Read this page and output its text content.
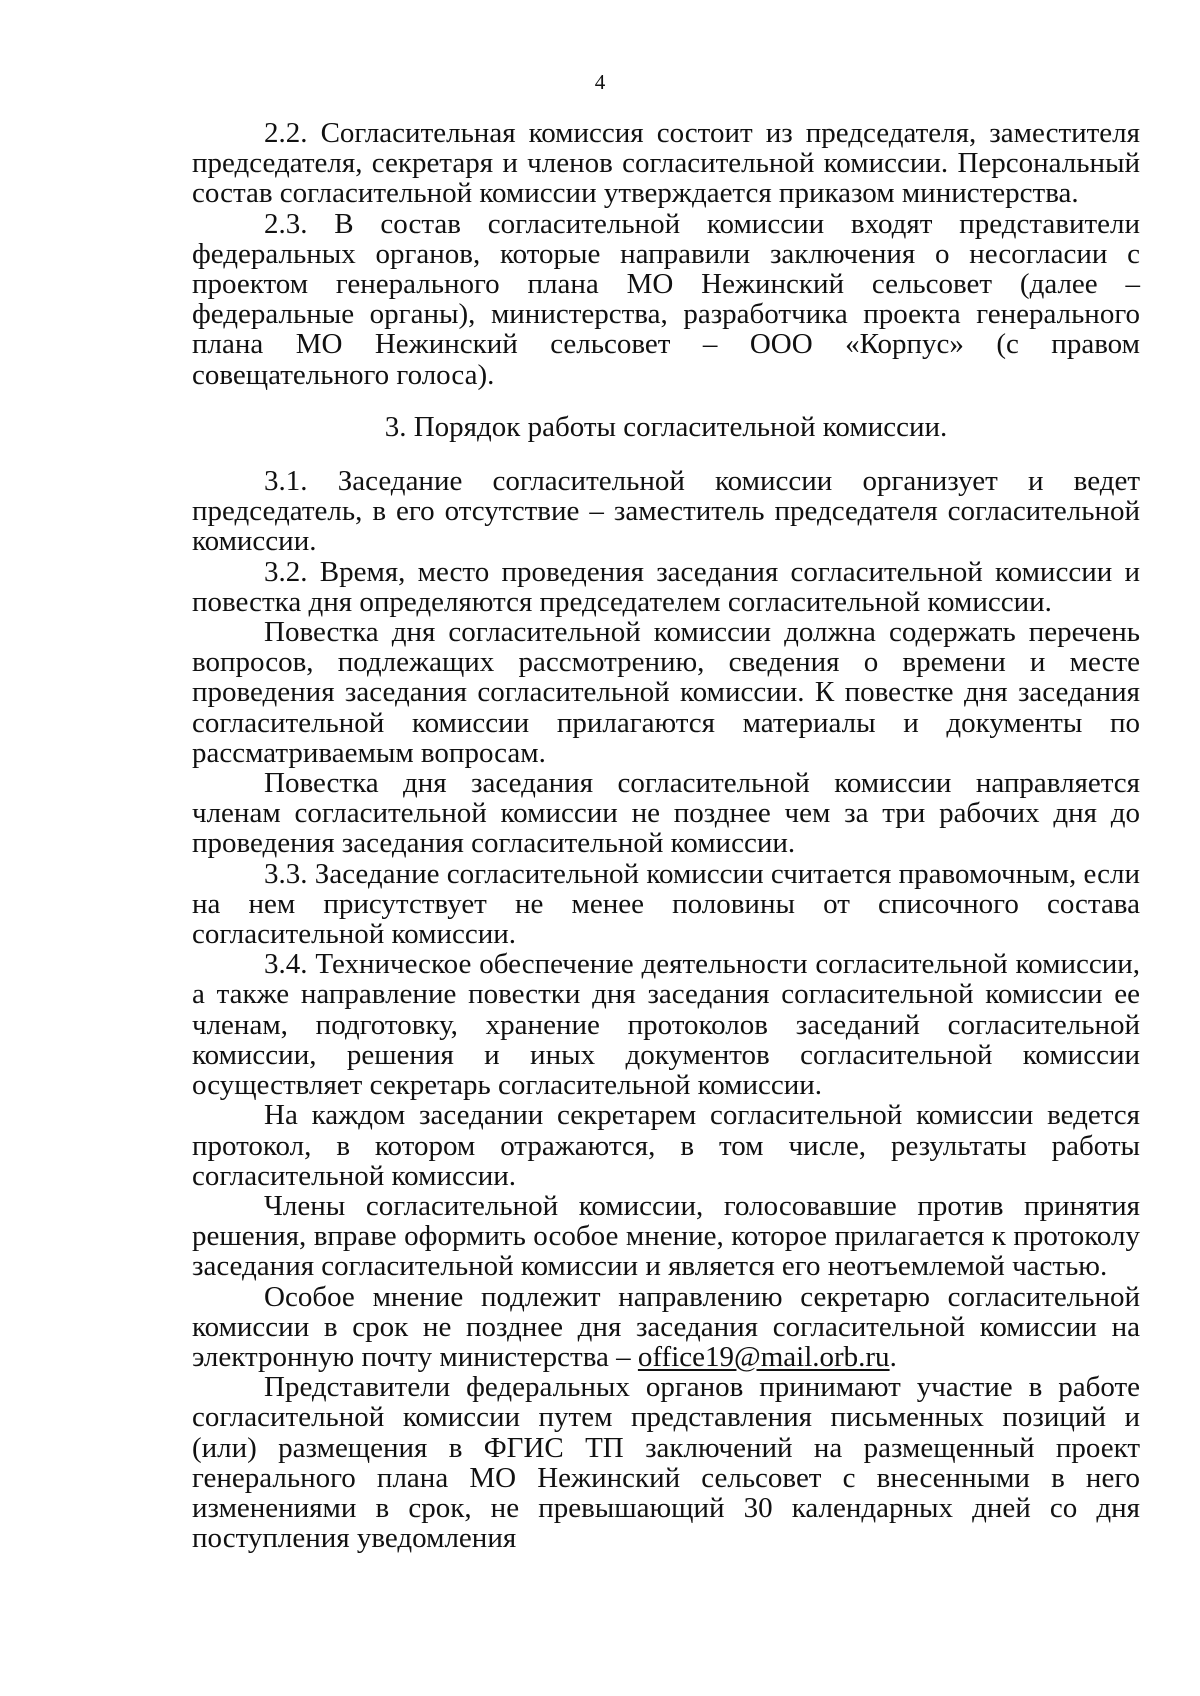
4

2.2. Согласительная комиссия состоит из председателя, заместителя председателя, секретаря и членов согласительной комиссии. Персональный состав согласительной комиссии утверждается приказом министерства.

2.3. В состав согласительной комиссии входят представители федеральных органов, которые направили заключения о несогласии с проектом генерального плана МО Нежинский сельсовет (далее – федеральные органы), министерства, разработчика проекта генерального плана МО Нежинский сельсовет – ООО «Корпус» (с правом совещательного голоса).

3. Порядок работы согласительной комиссии.

3.1. Заседание согласительной комиссии организует и ведет председатель, в его отсутствие – заместитель председателя согласительной комиссии.

3.2. Время, место проведения заседания согласительной комиссии и повестка дня определяются председателем согласительной комиссии.

Повестка дня согласительной комиссии должна содержать перечень вопросов, подлежащих рассмотрению, сведения о времени и месте проведения заседания согласительной комиссии. К повестке дня заседания согласительной комиссии прилагаются материалы и документы по рассматриваемым вопросам.

Повестка дня заседания согласительной комиссии направляется членам согласительной комиссии не позднее чем за три рабочих дня до проведения заседания согласительной комиссии.

3.3. Заседание согласительной комиссии считается правомочным, если на нем присутствует не менее половины от списочного состава согласительной комиссии.

3.4. Техническое обеспечение деятельности согласительной комиссии, а также направление повестки дня заседания согласительной комиссии ее членам, подготовку, хранение протоколов заседаний согласительной комиссии, решения и иных документов согласительной комиссии осуществляет секретарь согласительной комиссии.

На каждом заседании секретарем согласительной комиссии ведется протокол, в котором отражаются, в том числе, результаты работы согласительной комиссии.

Члены согласительной комиссии, голосовавшие против принятия решения, вправе оформить особое мнение, которое прилагается к протоколу заседания согласительной комиссии и является его неотъемлемой частью.

Особое мнение подлежит направлению секретарю согласительной комиссии в срок не позднее дня заседания согласительной комиссии на электронную почту министерства – office19@mail.orb.ru.

Представители федеральных органов принимают участие в работе согласительной комиссии путем представления письменных позиций и (или) размещения в ФГИС ТП заключений на размещенный проект генерального плана МО Нежинский сельсовет с внесенными в него изменениями в срок, не превышающий 30 календарных дней со дня поступления уведомления
